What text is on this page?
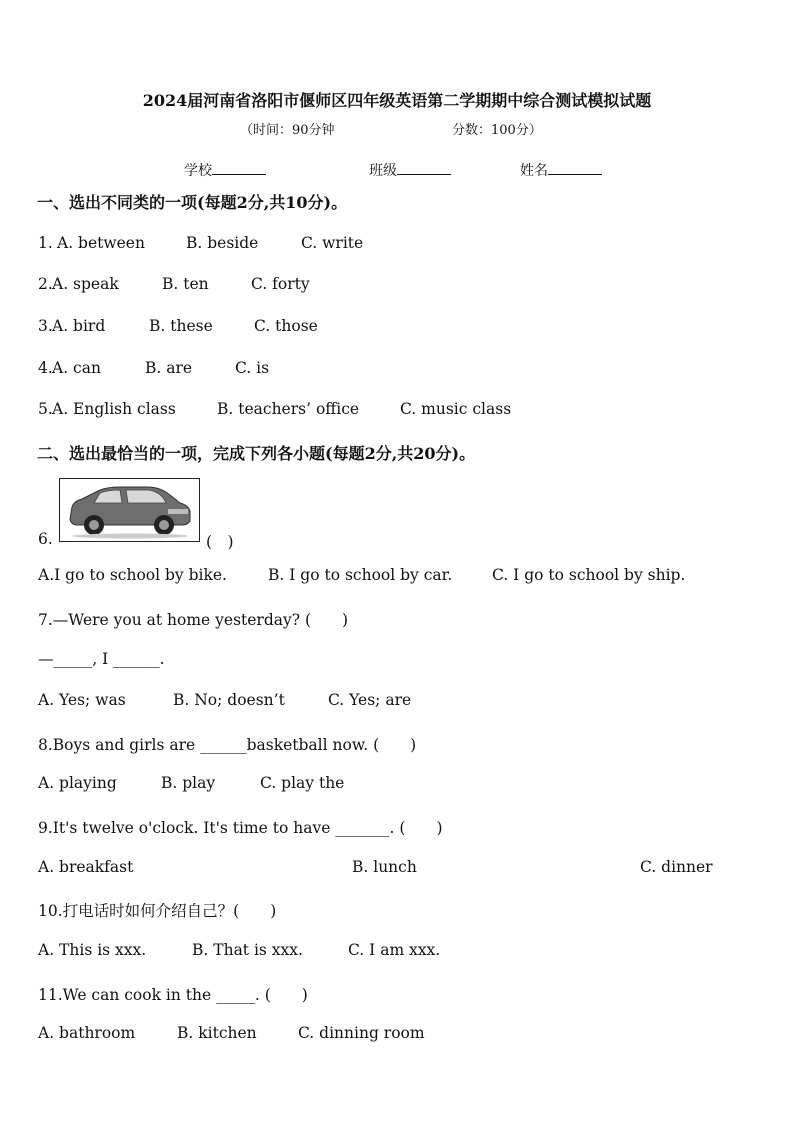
2024届河南省洛阳市偃师区四年级英语第二学期期中综合测试模拟试题
（时间：90分钟	分数：100分）
学校	班级	姓名
一、选出不同类的一项(每题2分,共10分)。
1. A. between	B. beside	C. write
2. A. speak	B. ten	C. forty
3. A. bird	B. these	C. those
4. A. can	B. are	C. is
5. A. English class	B. teachers’ office	C. music class
二、选出最恰当的一项，完成下列各小题(每题2分,共20分)。
6.	(　)
A.I go to school by bike.	B. I go to school by car.	C. I go to school by ship.
7.—Were you at home yesterday? (　　)
—_____, I ______.
A. Yes; was	B. No; doesn’t	C. Yes; are
8.Boys and girls are ______basketball now. (　　)
A. playing	B. play	C. play the
9.It's twelve o'clock. It's time to have _______. (　　)
A. breakfast	B. lunch	C. dinner
10.打电话时如何介绍自己？(　　)
A. This is xxx.	B. That is xxx.	C. I am xxx.
11.We can cook in the _____. (　　)
A. bathroom	B. kitchen	C. dinning room
